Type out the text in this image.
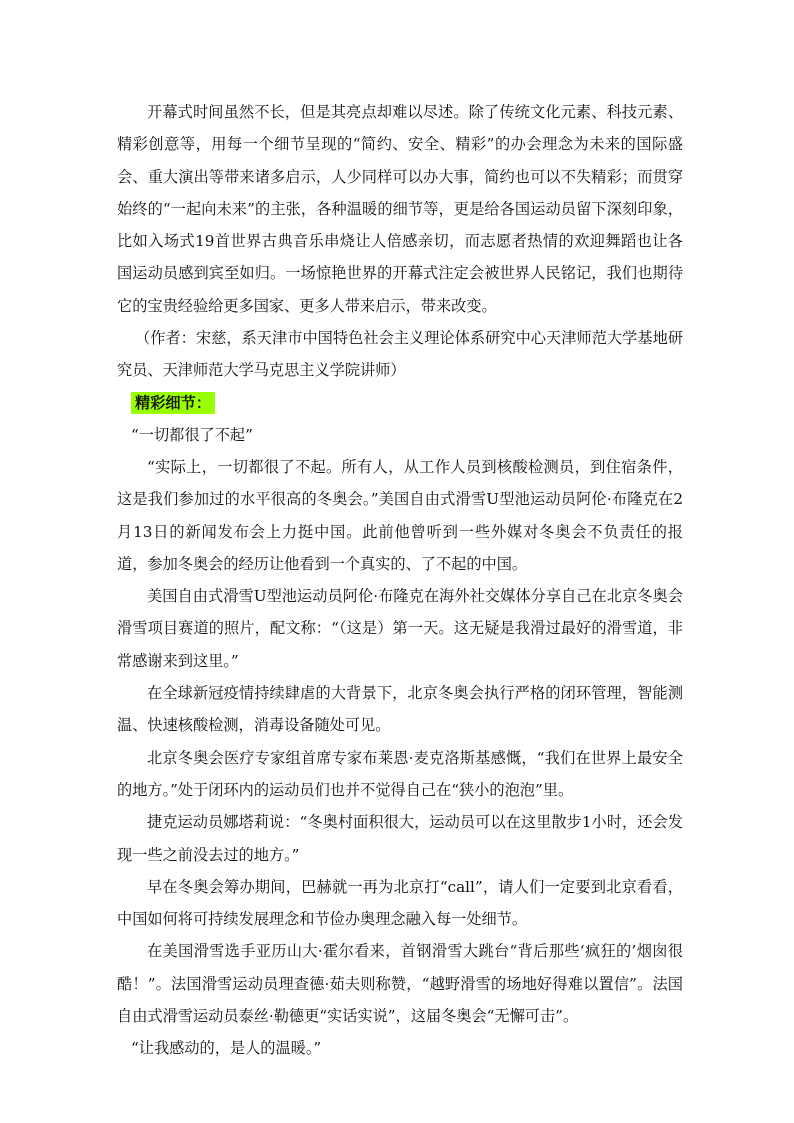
开幕式时间虽然不长，但是其亮点却难以尽述。除了传统文化元素、科技元素、精彩创意等，用每一个细节呈现的“简约、安全、精彩”的办会理念为未来的国际盛会、重大演出等带来诸多启示，人少同样可以办大事，简约也可以不失精彩；而贯穿始终的“一起向未来”的主张，各种温暖的细节等，更是给各国运动员留下深刻印象，比如入场式19首世界古典音乐串烧让人倍感亲切，而志愿者热情的欢迎舞蹈也让各国运动员感到宾至如归。一场惊艳世界的开幕式注定会被世界人民铭记，我们也期待它的宝贵经验给更多国家、更多人带来启示，带来改变。

（作者：宋慈，系天津市中国特色社会主义理论体系研究中心天津师范大学基地研究员、天津师范大学马克思主义学院讲师）

精彩细节：

“一切都很了不起”

“实际上，一切都很了不起。所有人，从工作人员到核酸检测员，到住宿条件，这是我们参加过的水平很高的冬奥会。”美国自由式滑雪U型池运动员阿伦·布隆克在2月13日的新闻发布会上力挺中国。此前他曾听到一些外媒对冬奥会不负责任的报道，参加冬奥会的经历让他看到一个真实的、了不起的中国。

美国自由式滑雪U型池运动员阿伦·布隆克在海外社交媒体分享自己在北京冬奥会滑雪项目赛道的照片，配文称：“（这是）第一天。这无疑是我滑过最好的滑雪道，非常感谢来到这里。”

在全球新冠疫情持续肆虐的大背景下，北京冬奥会执行严格的闭环管理，智能测温、快速核酸检测，消毒设备随处可见。

北京冬奥会医疗专家组首席专家布莱恩·麦克洛斯基感慨，“我们在世界上最安全的地方。”处于闭环内的运动员们也并不觉得自己在“狭小的泡泡”里。

捷克运动员娜塔莉说：“冬奥村面积很大，运动员可以在这里散步1小时，还会发现一些之前没去过的地方。”

早在冬奥会筹办期间，巴赫就一再为北京打“call”，请人们一定要到北京看看，中国如何将可持续发展理念和节俭办奥理念融入每一处细节。

在美国滑雪选手亚历山大·霍尔看来，首钢滑雪大跳台“背后那些‘疯狂的’烟囱很酷！”。法国滑雪运动员理查德·茹夫则称赞，“越野滑雪的场地好得难以置信”。法国自由式滑雪运动员泰丝·勒德更“实话实说”，这届冬奥会“无懈可击”。

“让我感动的，是人的温暖。”
